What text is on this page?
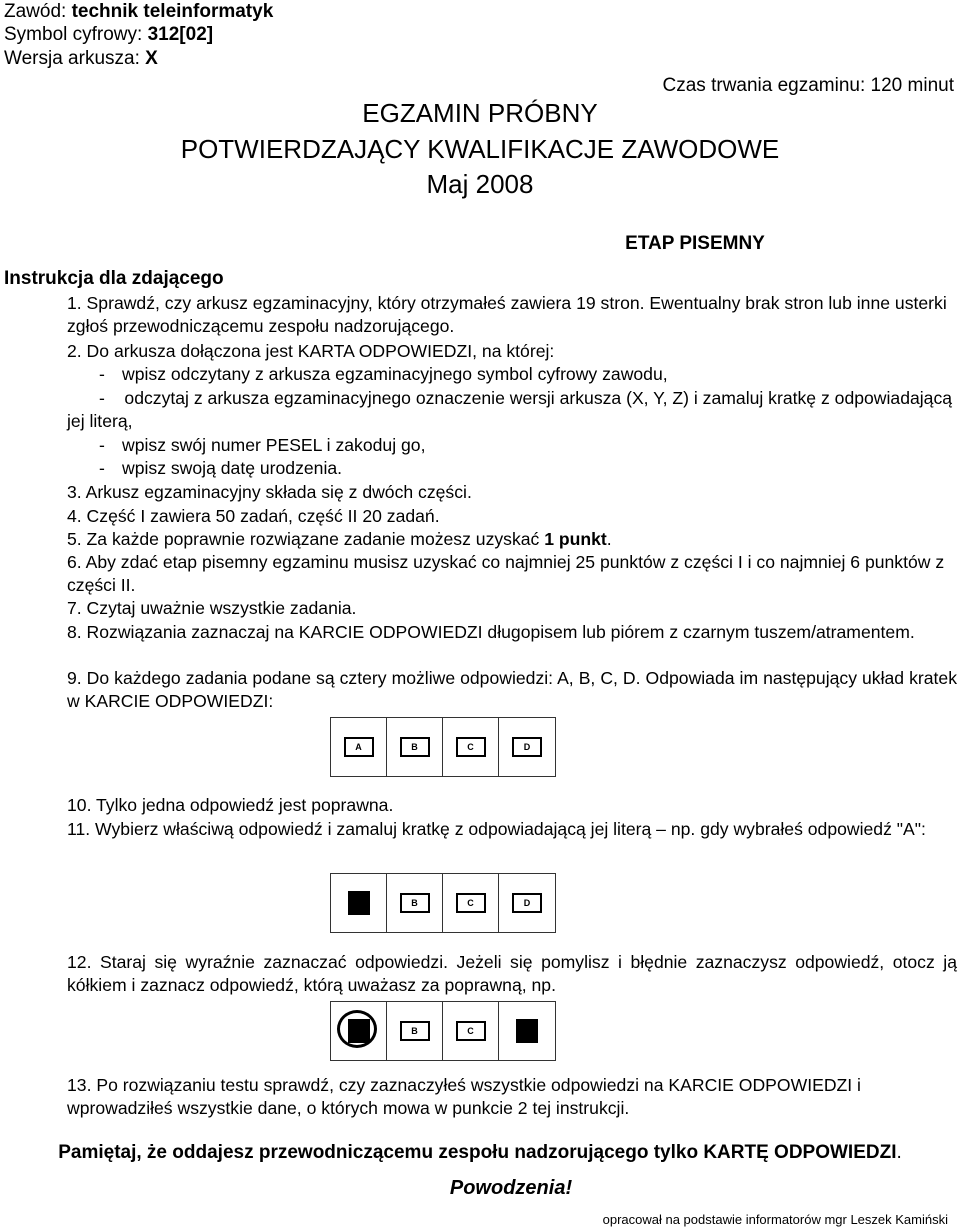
Zawód: technik teleinformatyk
Symbol cyfrowy: 312[02]
Wersja arkusza: X
Czas trwania egzaminu: 120 minut
EGZAMIN PRÓBNY
POTWIERDZAJĄCY KWALIFIKACJE ZAWODOWE
Maj 2008
ETAP PISEMNY
Instrukcja dla zdającego
1. Sprawdź, czy arkusz egzaminacyjny, który otrzymałeś zawiera 19 stron. Ewentualny brak stron lub inne usterki zgłoś przewodniczącemu zespołu nadzorującego.
2. Do arkusza dołączona jest KARTA ODPOWIEDZI, na której:
- wpisz odczytany z arkusza egzaminacyjnego symbol cyfrowy zawodu,
- odczytaj z arkusza egzaminacyjnego oznaczenie wersji arkusza (X, Y, Z) i zamaluj kratkę z odpowiadającą jej literą,
- wpisz swój numer PESEL i zakoduj go,
- wpisz swoją datę urodzenia.
3. Arkusz egzaminacyjny składa się z dwóch części.
4. Część I zawiera 50 zadań, część II 20 zadań.
5. Za każde poprawnie rozwiązane zadanie możesz uzyskać 1 punkt.
6. Aby zdać etap pisemny egzaminu musisz uzyskać co najmniej 25 punktów z części I i co najmniej 6 punktów z części II.
7. Czytaj uważnie wszystkie zadania.
8. Rozwiązania zaznaczaj na KARCIE ODPOWIEDZI długopisem lub piórem z czarnym tuszem/atramentem.
9. Do każdego zadania podane są cztery możliwe odpowiedzi: A, B, C, D. Odpowiada im następujący układ kratek w KARCIE ODPOWIEDZI:
A	B	C	D
10. Tylko jedna odpowiedź jest poprawna.
11. Wybierz właściwą odpowiedź i zamaluj kratkę z odpowiadającą jej literą – np. gdy wybrałeś odpowiedź "A":
A	B	C	D
12. Staraj się wyraźnie zaznaczać odpowiedzi. Jeżeli się pomylisz i błędnie zaznaczysz odpowiedź, otocz ją kółkiem i zaznacz odpowiedź, którą uważasz za poprawną, np.
A	B	C	D
13. Po rozwiązaniu testu sprawdź, czy zaznaczyłeś wszystkie odpowiedzi na KARCIE ODPOWIEDZI i wprowadziłeś wszystkie dane, o których mowa w punkcie 2 tej instrukcji.
Pamiętaj, że oddajesz przewodniczącemu zespołu nadzorującego tylko KARTĘ ODPOWIEDZI.
Powodzenia!
opracował na podstawie informatorów mgr Leszek Kamiński
